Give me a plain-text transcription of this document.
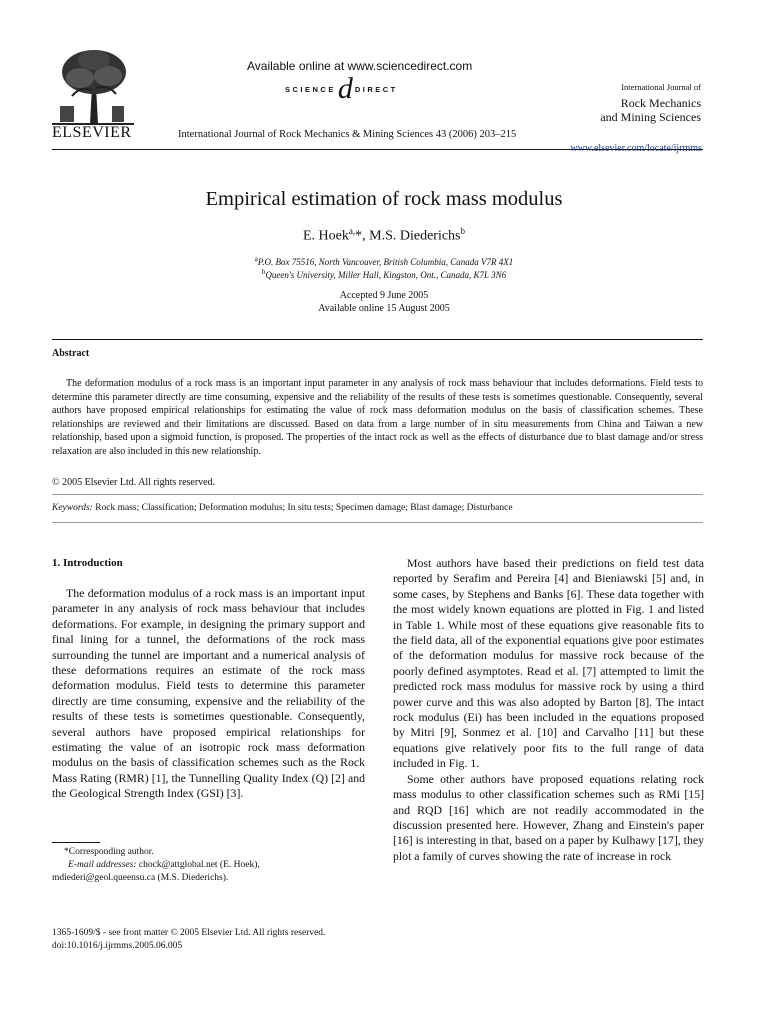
ELSEVIER
Available online at www.sciencedirect.com
SCIENCE d DIRECT
International Journal of Rock Mechanics & Mining Sciences 43 (2006) 203–215
International Journal of
Rock Mechanics
and Mining Sciences
www.elsevier.com/locate/ijrmms
Empirical estimation of rock mass modulus
E. Hoek$^{a,}$*, M.S. Diederichs$^b$
$^a$P.O. Box 75516, North Vancouver, British Columbia, Canada V7R 4X1
$^b$Queen's University, Miller Hall, Kingston, Ont., Canada, K7L 3N6
Accepted 9 June 2005
Available online 15 August 2005
Abstract
The deformation modulus of a rock mass is an important input parameter in any analysis of rock mass behaviour that includes deformations. Field tests to determine this parameter directly are time consuming, expensive and the reliability of the results of these tests is sometimes questionable. Consequently, several authors have proposed empirical relationships for estimating the value of rock mass deformation modulus on the basis of classification schemes. These relationships are reviewed and their limitations are discussed. Based on data from a large number of in situ measurements from China and Taiwan a new relationship, based upon a sigmoid function, is proposed. The properties of the intact rock as well as the effects of disturbance due to blast damage and/or stress relaxation are also included in this new relationship.
© 2005 Elsevier Ltd. All rights reserved.
Keywords: Rock mass; Classification; Deformation modulus; In situ tests; Specimen damage; Blast damage; Disturbance
1. Introduction
The deformation modulus of a rock mass is an important input parameter in any analysis of rock mass behaviour that includes deformations. For example, in designing the primary support and final lining for a tunnel, the deformations of the rock mass surrounding the tunnel are important and a numerical analysis of these deformations requires an estimate of the rock mass deformation modulus. Field tests to determine this parameter directly are time consuming, expensive and the reliability of the results of these tests is sometimes questionable. Consequently, several authors have proposed empirical relationships for estimating the value of an isotropic rock mass deformation modulus on the basis of classification schemes such as the Rock Mass Rating (RMR) [1], the Tunnelling Quality Index (Q) [2] and the Geological Strength Index (GSI) [3].

Most authors have based their predictions on field test data reported by Serafim and Pereira [4] and Bieniawski [5] and, in some cases, by Stephens and Banks [6]. These data together with the most widely known equations are plotted in Fig. 1 and listed in Table 1. While most of these equations give reasonable fits to the field data, all of the exponential equations give poor estimates of the deformation modulus for massive rock because of the poorly defined asymptotes. Read et al. [7] attempted to limit the predicted rock mass modulus for massive rock by using a third power curve and this was also adopted by Barton [8]. The intact rock modulus (Ei) has been included in the equations proposed by Mitri [9], Sonmez et al. [10] and Carvalho [11] but these equations give relatively poor fits to the full range of data included in Fig. 1.

Some other authors have proposed equations relating rock mass modulus to other classification schemes such as RMi [15] and RQD [16] which are not readily accommodated in the discussion presented here. However, Zhang and Einstein's paper [16] is interesting in that, based on a paper by Kulhawy [17], they plot a family of curves showing the rate of increase in rock

*Corresponding author.
E-mail addresses: chock@attglobal.net (E. Hoek),
mdiederi@geol.queensu.ca (M.S. Diederichs).
1365-1609/$ - see front matter © 2005 Elsevier Ltd. All rights reserved.
doi:10.1016/j.ijrmms.2005.06.005
